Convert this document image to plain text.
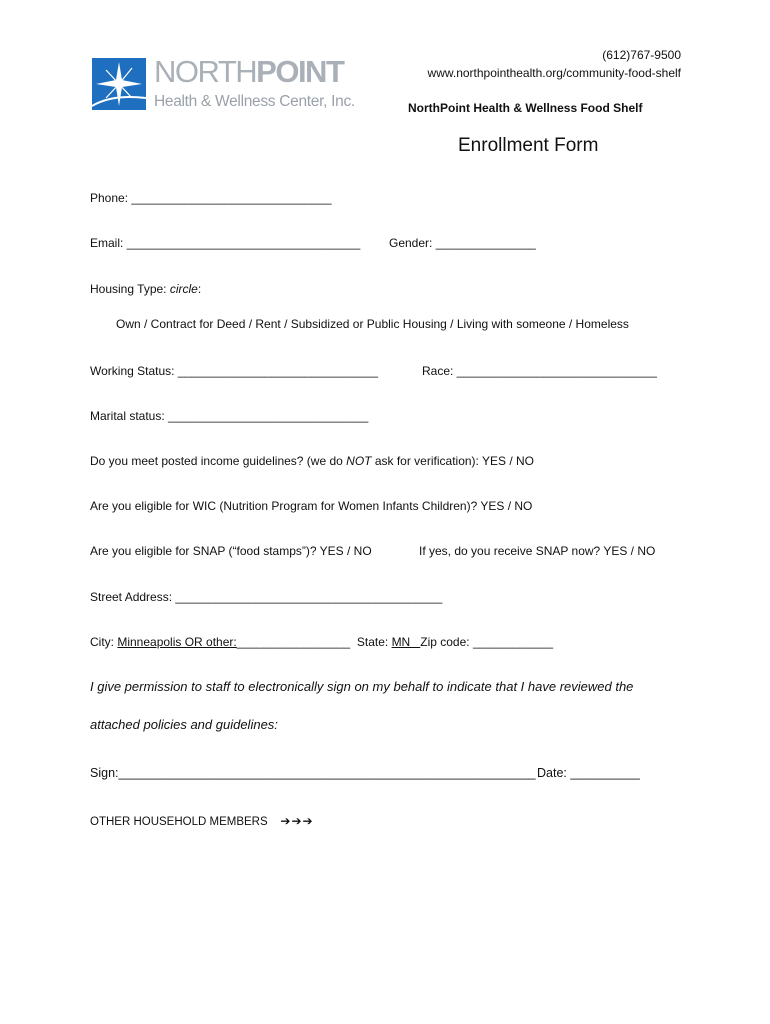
NORTHPOINT
Health & Wellness Center, Inc.
(612)767-9500
www.northpointhealth.org/community-food-shelf
NorthPoint Health & Wellness Food Shelf
Enrollment Form
Phone: ______________________________
Email: ___________________________________ Gender: _______________
Housing Type: circle:
Own / Contract for Deed / Rent / Subsidized or Public Housing / Living with someone / Homeless
Working Status: ______________________________	Race: ______________________________
Marital status: ______________________________
Do you meet posted income guidelines? (we do NOT ask for verification): YES / NO
Are you eligible for WIC (Nutrition Program for Women Infants Children)? YES / NO
Are you eligible for SNAP (“food stamps”)? YES / NO	If yes, do you receive SNAP now? YES / NO
Street Address: ________________________________________
City: Minneapolis OR other:_________________ State: MN   Zip code: ____________
I give permission to staff to electronically sign on my behalf to indicate that I have reviewed the
attached policies and guidelines:
Sign:____________________________________________________________ Date: __________
OTHER HOUSEHOLD MEMBERS ➔➔➔
